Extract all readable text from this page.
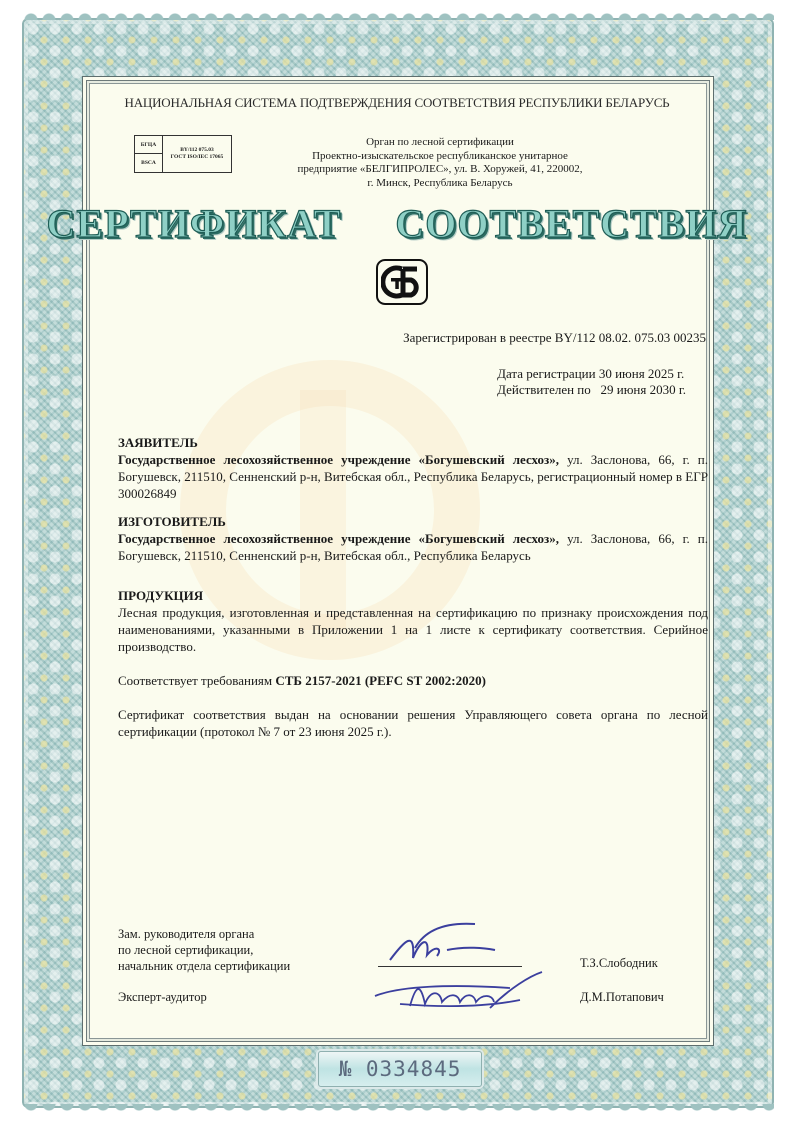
НАЦИОНАЛЬНАЯ СИСТЕМА ПОДТВЕРЖДЕНИЯ СООТВЕТСТВИЯ РЕСПУБЛИКИ БЕЛАРУСЬ
БГЦА
BY/112 075.03
ГОСТ ISO/IEC 17065
BSCA
Орган по лесной сертификации
Проектно-изыскательское республиканское унитарное
предприятие «БЕЛГИПРОЛЕС», ул. В. Хоружей, 41, 220002,
г. Минск, Республика Беларусь
СЕРТИФИКАТ  СООТВЕТСТВИЯ
Зарегистрирован в реестре BY/112 08.02. 075.03 00235
Дата регистрации 30 июня 2025 г.
Действителен по   29 июня 2030 г.
ЗАЯВИТЕЛЬ
Государственное лесохозяйственное учреждение «Богушевский лесхоз», ул. Заслонова, 66, г. п. Богушевск, 211510, Сенненский р-н, Витебская обл., Республика Беларусь, регистрационный номер в ЕГР 300026849
ИЗГОТОВИТЕЛЬ
Государственное лесохозяйственное учреждение «Богушевский лесхоз», ул. Заслонова, 66, г. п. Богушевск, 211510, Сенненский р-н, Витебская обл., Республика Беларусь
ПРОДУКЦИЯ
Лесная продукция, изготовленная и представленная на сертификацию по признаку происхождения под наименованиями, указанными в Приложении 1 на 1 листе к сертификату соответствия. Серийное производство.
Соответствует требованиям СТБ 2157-2021 (PEFC ST 2002:2020)
Сертификат соответствия выдан на основании решения Управляющего совета органа по лесной сертификации (протокол № 7 от 23 июня 2025 г.).
Зам. руководителя органа
по лесной сертификации,
начальник отдела сертификации	Т.З.Слободник
Эксперт-аудитор	Д.М.Потапович
№ 0334845
